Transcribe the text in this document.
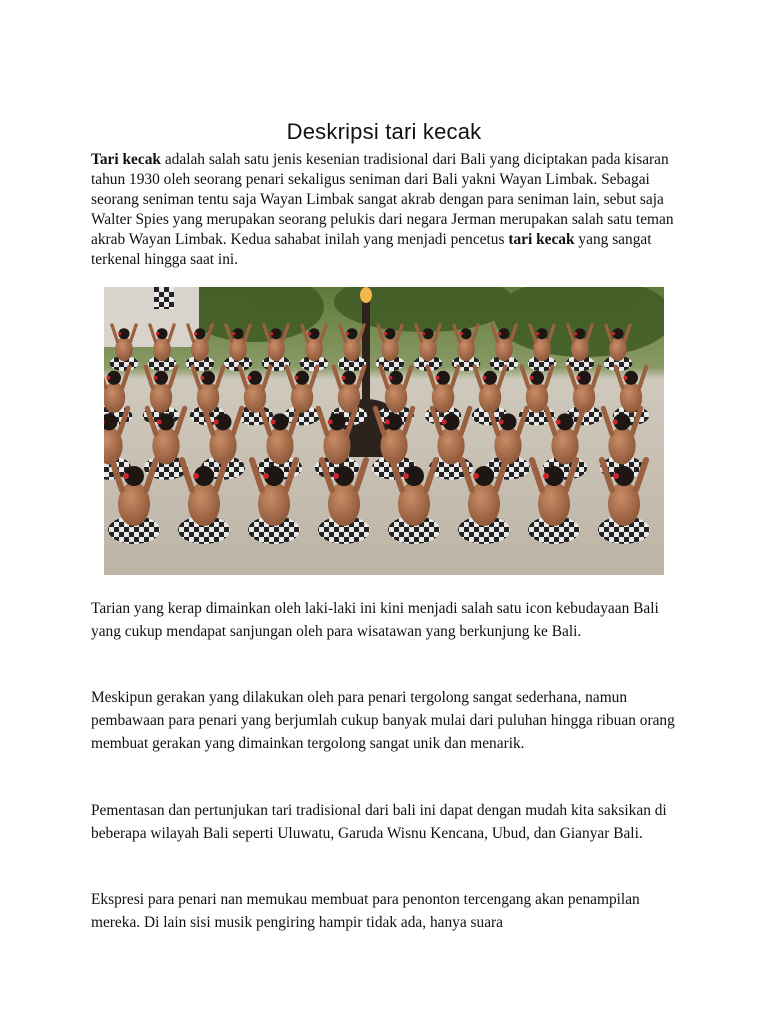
Deskripsi tari kecak
Tari kecak adalah salah satu jenis kesenian tradisional dari Bali yang diciptakan pada kisaran tahun 1930 oleh seorang penari sekaligus seniman dari Bali yakni Wayan Limbak. Sebagai seorang seniman tentu saja Wayan Limbak sangat akrab dengan para seniman lain, sebut saja Walter Spies yang merupakan seorang pelukis dari negara Jerman merupakan salah satu teman akrab Wayan Limbak. Kedua sahabat inilah yang menjadi pencetus tari kecak yang sangat terkenal hingga saat ini.

Tarian yang kerap dimainkan oleh laki-laki ini kini menjadi salah satu icon kebudayaan Bali yang cukup mendapat sanjungan oleh para wisatawan yang berkunjung ke Bali.

Meskipun gerakan yang dilakukan oleh para penari tergolong sangat sederhana, namun pembawaan para penari yang berjumlah cukup banyak mulai dari puluhan hingga ribuan orang membuat gerakan yang dimainkan tergolong sangat unik dan menarik.

Pementasan dan pertunjukan tari tradisional dari bali ini dapat dengan mudah kita saksikan di beberapa wilayah Bali seperti Uluwatu, Garuda Wisnu Kencana, Ubud, dan Gianyar Bali.

Ekspresi para penari nan memukau membuat para penonton tercengang akan penampilan mereka. Di lain sisi musik pengiring hampir tidak ada, hanya suara
